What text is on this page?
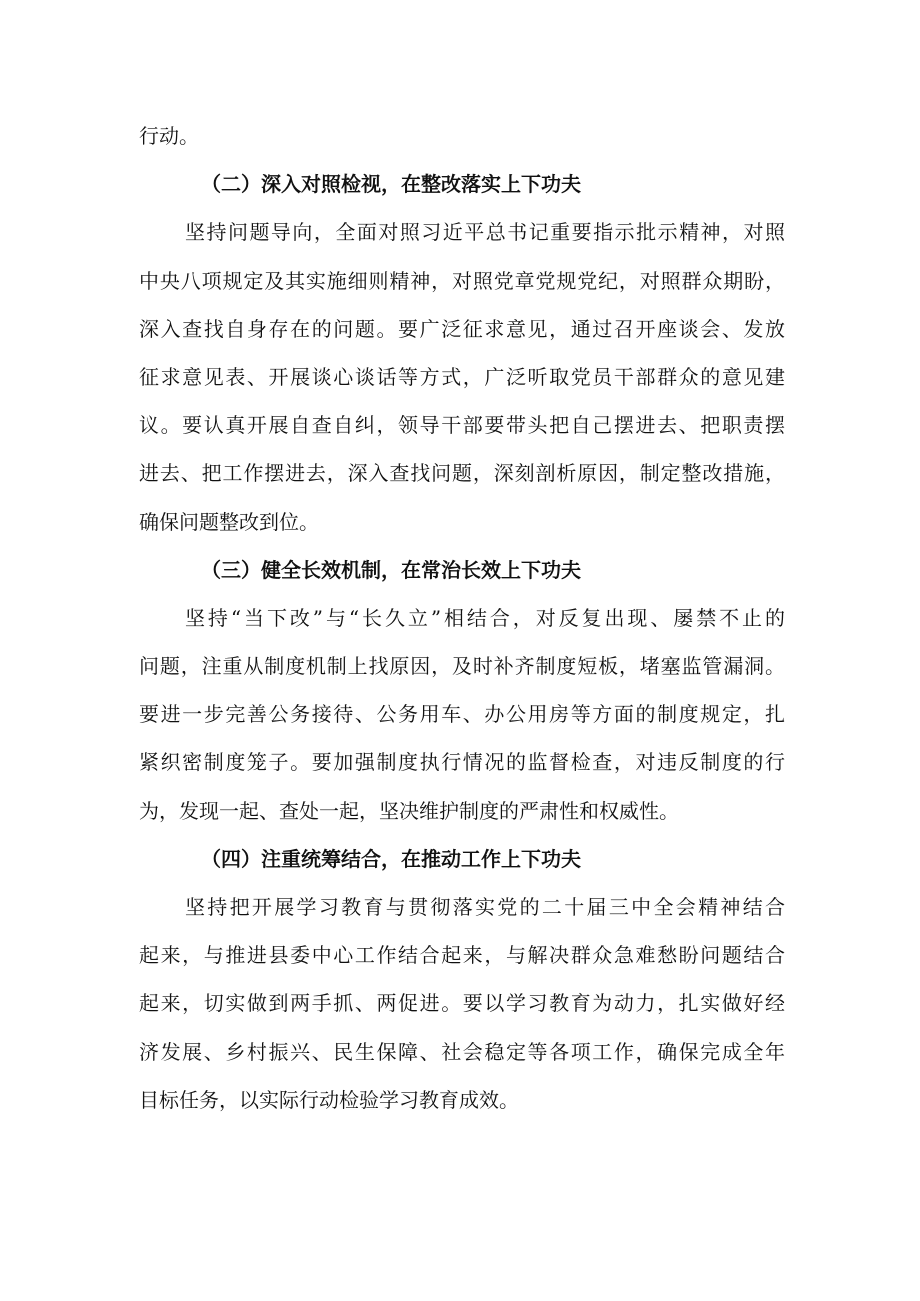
行动。
（二）深入对照检视，在整改落实上下功夫
坚持问题导向，全面对照习近平总书记重要指示批示精神，对照
中央八项规定及其实施细则精神，对照党章党规党纪，对照群众期盼，
深入查找自身存在的问题。要广泛征求意见，通过召开座谈会、发放
征求意见表、开展谈心谈话等方式，广泛听取党员干部群众的意见建
议。要认真开展自查自纠，领导干部要带头把自己摆进去、把职责摆
进去、把工作摆进去，深入查找问题，深刻剖析原因，制定整改措施，
确保问题整改到位。
（三）健全长效机制，在常治长效上下功夫
坚持“当下改”与“长久立”相结合，对反复出现、屡禁不止的
问题，注重从制度机制上找原因，及时补齐制度短板，堵塞监管漏洞。
要进一步完善公务接待、公务用车、办公用房等方面的制度规定，扎
紧织密制度笼子。要加强制度执行情况的监督检查，对违反制度的行
为，发现一起、查处一起，坚决维护制度的严肃性和权威性。
（四）注重统筹结合，在推动工作上下功夫
坚持把开展学习教育与贯彻落实党的二十届三中全会精神结合
起来，与推进县委中心工作结合起来，与解决群众急难愁盼问题结合
起来，切实做到两手抓、两促进。要以学习教育为动力，扎实做好经
济发展、乡村振兴、民生保障、社会稳定等各项工作，确保完成全年
目标任务，以实际行动检验学习教育成效。
